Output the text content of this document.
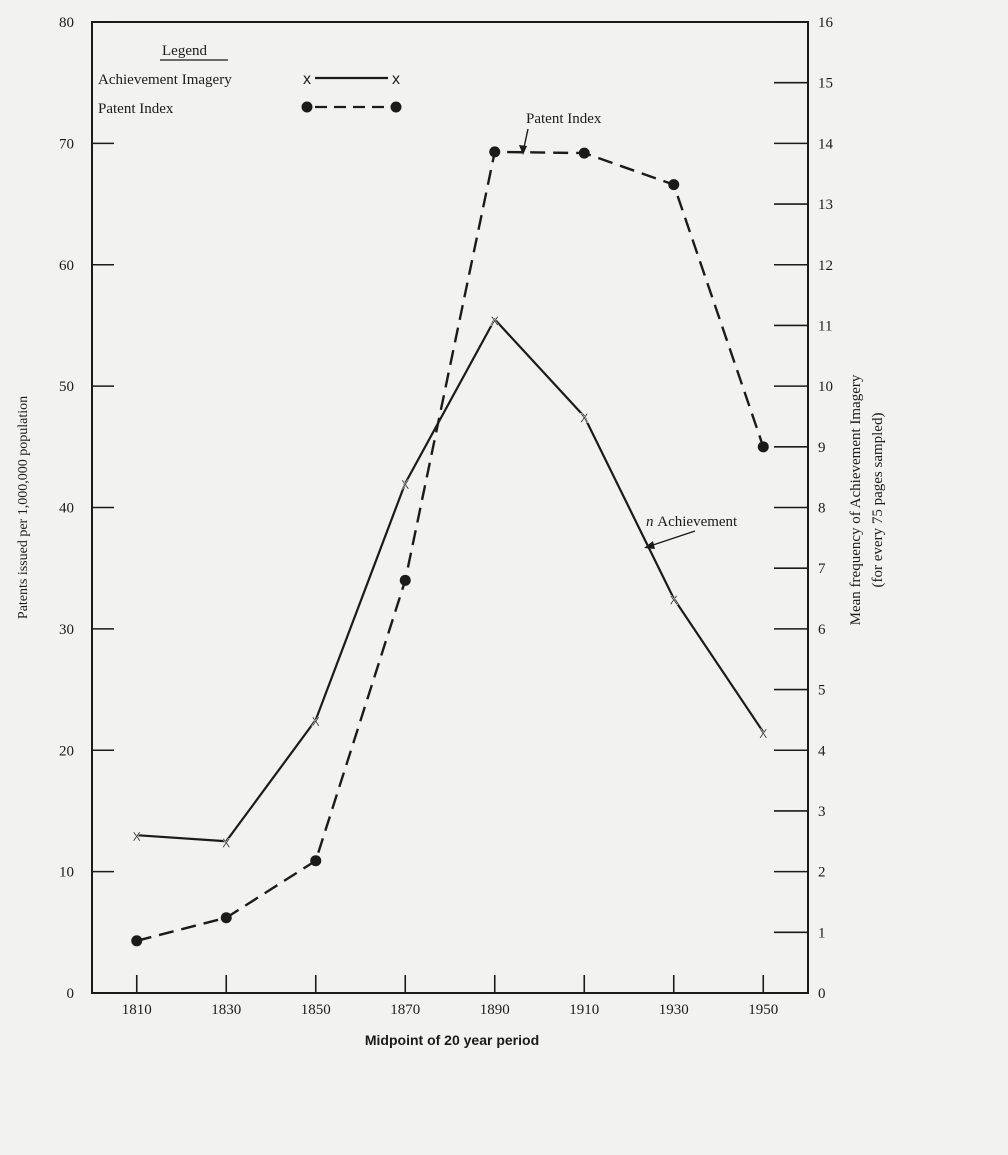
0
10
20
30
40
50
60
70
80
0
1
2
3
4
5
6
7
8
9
10
11
12
13
14
15
16
1810	1830	1850	1870	1890	1910	1930	1950
x	x
x
x
x
x
x
x
Legend
Achievement Imagery	x	x
Patent Index
Patent Index
n Achievement
Midpoint of 20 year period
Patents issued per 1,000,000 population	Mean frequency of Achievement Imagery (for every 75 pages sampled)
